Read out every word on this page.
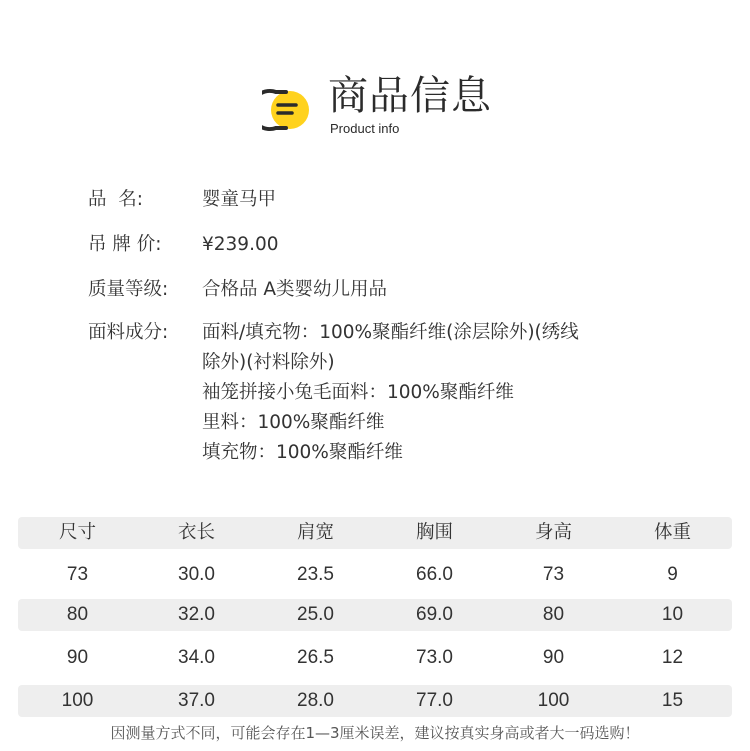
商品信息
Product info
品  名:	婴童马甲
吊 牌 价:	¥239.00
质量等级:	合格品 A类婴幼儿用品
面料成分:	面料/填充物：100%聚酯纤维(涂层除外)(绣线
除外)(衬料除外)
袖笼拼接小兔毛面料：100%聚酯纤维
里料：100%聚酯纤维
填充物：100%聚酯纤维
尺寸	衣长	肩宽	胸围	身高	体重
73	30.0	23.5	66.0	73	9
80	32.0	25.0	69.0	80	10
90	34.0	26.5	73.0	90	12
100	37.0	28.0	77.0	100	15
因测量方式不同，可能会存在1—3厘米误差，建议按真实身高或者大一码选购！
